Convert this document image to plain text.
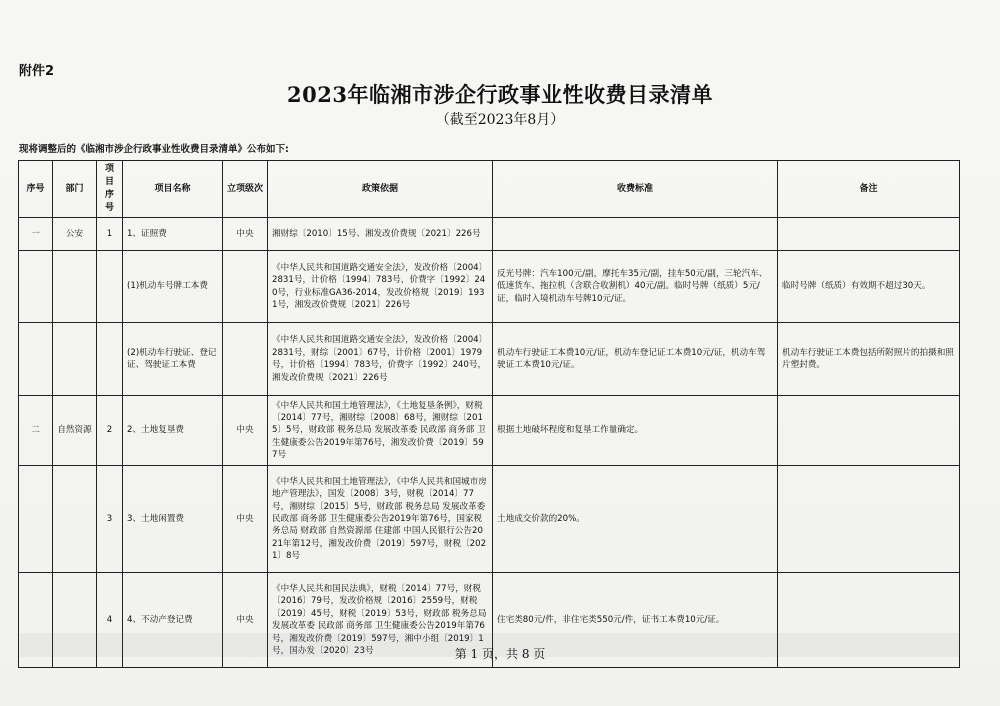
附件2
2023年临湘市涉企行政事业性收费目录清单
（截至2023年8月）
现将调整后的《临湘市涉企行政事业性收费目录清单》公布如下:
序号	部门	项目序号	项目名称	立项级次	政策依据	收费标准	备注
一	公安	1	1、证照费	中央	湘财综〔2010〕15号、湘发改价费规〔2021〕226号		
			(1)机动车号牌工本费		《中华人民共和国道路交通安全法》，发改价格〔2004〕2831号，计价格〔1994〕783号，价费字〔1992〕240号，行业标准GA36-2014，发改价格规〔2019〕1931号，湘发改价费规〔2021〕226号	反光号牌：汽车100元/副，摩托车35元/副，挂车50元/副，三轮汽车、低速货车、拖拉机（含联合收割机）40元/副。临时号牌（纸质）5元/证，临时入境机动车号牌10元/证。	临时号牌（纸质）有效期不超过30天。
			(2)机动车行驶证、登记证、驾驶证工本费		《中华人民共和国道路交通安全法》，发改价格〔2004〕2831号，财综〔2001〕67号，计价格〔2001〕1979号，计价格〔1994〕783号，价费字〔1992〕240号，湘发改价费规〔2021〕226号	机动车行驶证工本费10元/证，机动车登记证工本费10元/证，机动车驾驶证工本费10元/证。	机动车行驶证工本费包括所附照片的拍摄和照片塑封费。
二	自然资源	2	2、土地复垦费	中央	《中华人民共和国土地管理法》，《土地复垦条例》，财税〔2014〕77号，湘财综〔2008〕68号，湘财综〔2015〕5号，财政部 税务总局 发展改革委 民政部 商务部 卫生健康委公告2019年第76号，湘发改价费〔2019〕597号	根据土地破坏程度和复垦工作量确定。	
		3	3、土地闲置费	中央	《中华人民共和国土地管理法》，《中华人民共和国城市房地产管理法》，国发〔2008〕3号，财税〔2014〕77号，湘财综〔2015〕5号，财政部 税务总局 发展改革委 民政部 商务部 卫生健康委公告2019年第76号，国家税务总局 财政部 自然资源部 住建部 中国人民银行公告2021年第12号，湘发改价费〔2019〕597号，财税〔2021〕8号	土地成交价款的20%。	
		4	4、不动产登记费	中央	《中华人民共和国民法典》，财税〔2014〕77号，财税〔2016〕79号，发改价格规〔2016〕2559号，财税〔2019〕45号，财税〔2019〕53号，财政部 税务总局 发展改革委 民政部 商务部 卫生健康委公告2019年第76号，湘发改价费〔2019〕597号，湘中小组〔2019〕1号，国办发〔2020〕23号	住宅类80元/件，非住宅类550元/件，证书工本费10元/证。	
第 1 页，共 8 页
